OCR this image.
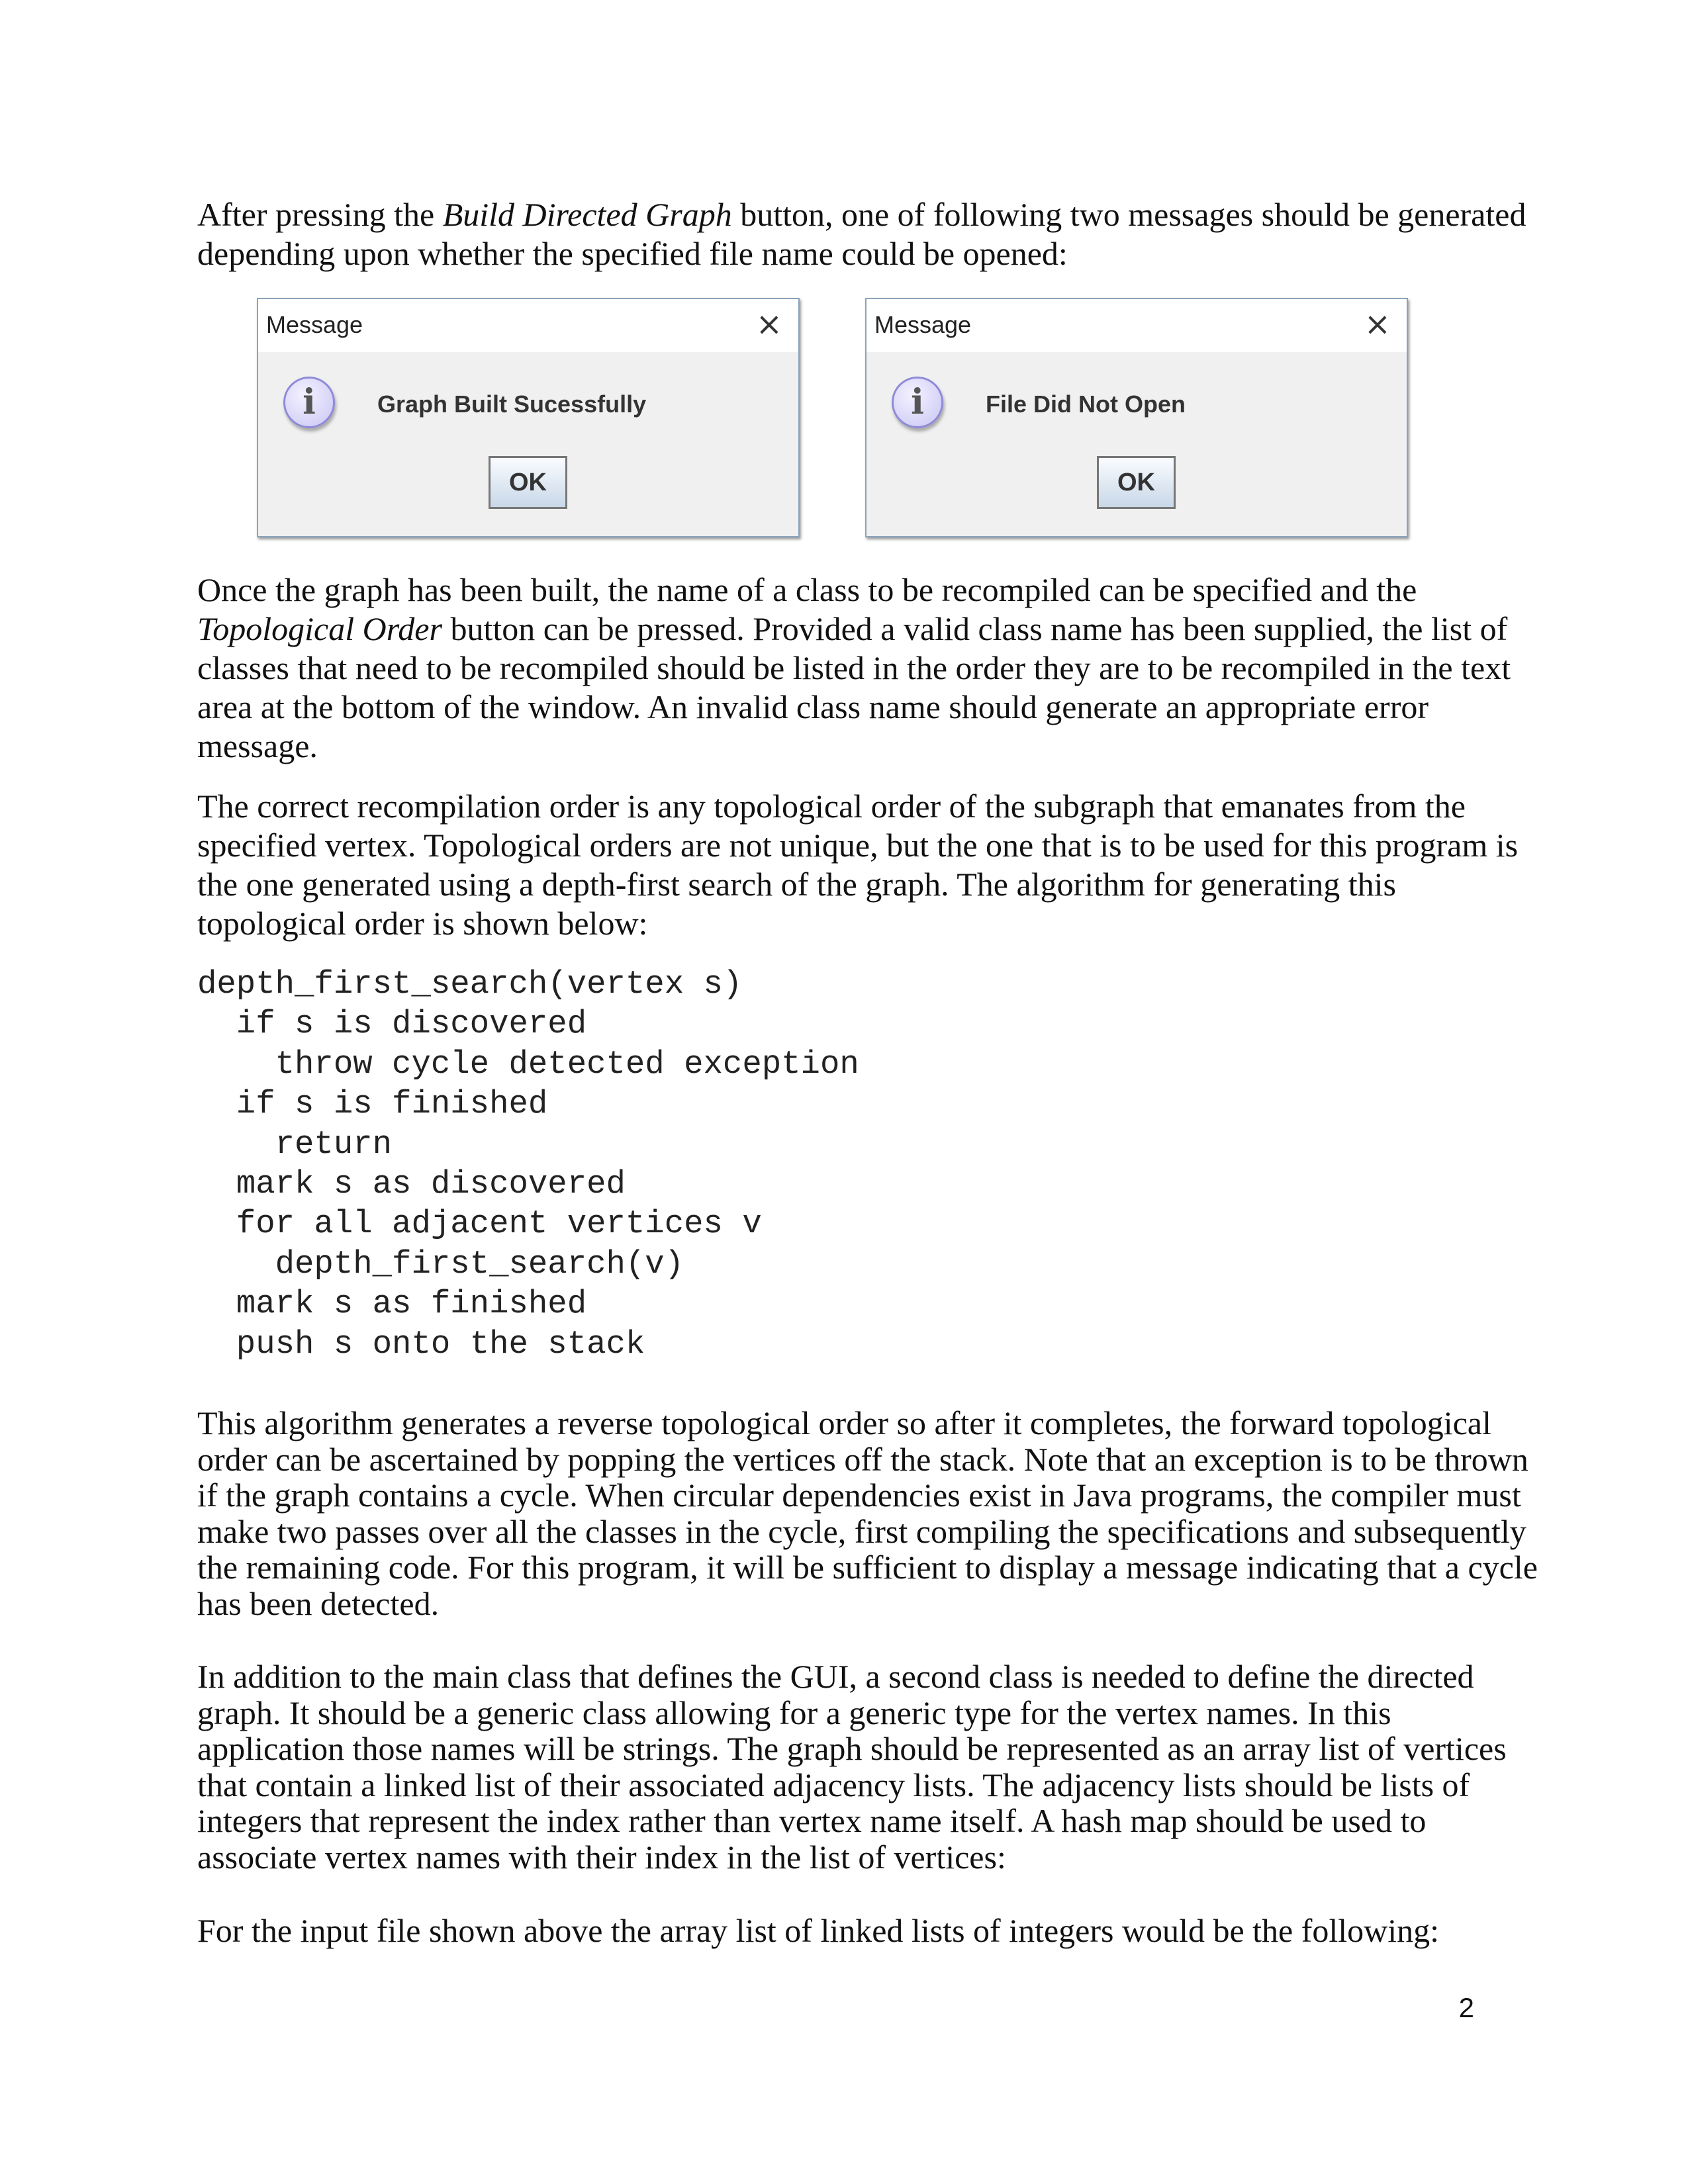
After pressing the Build Directed Graph button, one of following two messages should be generated
depending upon whether the specified file name could be opened:
Message	×
i	Graph Built Sucessfully
OK
Message	×
i	File Did Not Open
OK
Once the graph has been built, the name of a class to be recompiled can be specified and the
Topological Order button can be pressed. Provided a valid class name has been supplied, the list of
classes that need to be recompiled should be listed in the order they are to be recompiled in the text
area at the bottom of the window. An invalid class name should generate an appropriate error
message.
The correct recompilation order is any topological order of the subgraph that emanates from the
specified vertex. Topological orders are not unique, but the one that is to be used for this program is
the one generated using a depth-first search of the graph. The algorithm for generating this
topological order is shown below:
depth_first_search(vertex s)
if s is discovered
throw cycle detected exception
if s is finished
return
mark s as discovered
for all adjacent vertices v
depth_first_search(v)
mark s as finished
push s onto the stack
This algorithm generates a reverse topological order so after it completes, the forward topological
order can be ascertained by popping the vertices off the stack. Note that an exception is to be thrown
if the graph contains a cycle. When circular dependencies exist in Java programs, the compiler must
make two passes over all the classes in the cycle, first compiling the specifications and subsequently
the remaining code. For this program, it will be sufficient to display a message indicating that a cycle
has been detected.
In addition to the main class that defines the GUI, a second class is needed to define the directed
graph. It should be a generic class allowing for a generic type for the vertex names. In this
application those names will be strings. The graph should be represented as an array list of vertices
that contain a linked list of their associated adjacency lists. The adjacency lists should be lists of
integers that represent the index rather than vertex name itself. A hash map should be used to
associate vertex names with their index in the list of vertices:
For the input file shown above the array list of linked lists of integers would be the following:
2
